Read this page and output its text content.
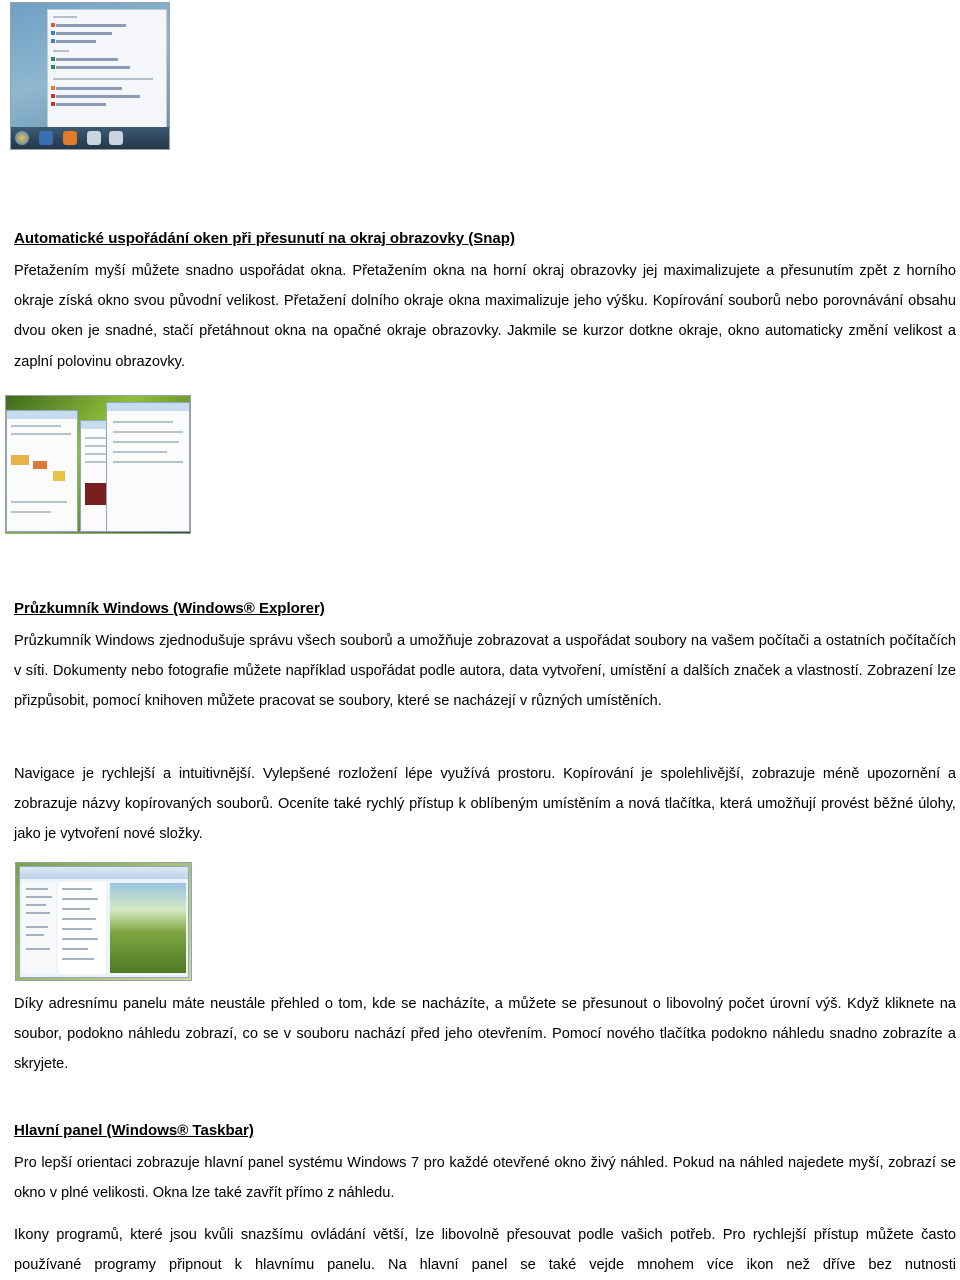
Automatické uspořádání oken při přesunutí na okraj obrazovky (Snap)

Přetažením myší můžete snadno uspořádat okna. Přetažením okna na horní okraj obrazovky jej maximalizujete a přesunutím zpět z horního okraje získá okno svou původní velikost. Přetažení dolního okraje okna maximalizuje jeho výšku. Kopírování souborů nebo porovnávání obsahu dvou oken je snadné, stačí přetáhnout okna na opačné okraje obrazovky. Jakmile se kurzor dotkne okraje, okno automaticky změní velikost a zaplní polovinu obrazovky.

Průzkumník Windows (Windows® Explorer)

Průzkumník Windows zjednodušuje správu všech souborů a umožňuje zobrazovat a uspořádat soubory na vašem počítači a ostatních počítačích v síti. Dokumenty nebo fotografie můžete například uspořádat podle autora, data vytvoření, umístění a dalších značek a vlastností. Zobrazení lze přizpůsobit, pomocí knihoven můžete pracovat se soubory, které se nacházejí v různých umístěních.

Navigace je rychlejší a intuitivnější. Vylepšené rozložení lépe využívá prostoru. Kopírování je spolehlivější, zobrazuje méně upozornění a zobrazuje názvy kopírovaných souborů. Oceníte také rychlý přístup k oblíbeným umístěním a nová tlačítka, která umožňují provést běžné úlohy, jako je vytvoření nové složky.

Díky adresnímu panelu máte neustále přehled o tom, kde se nacházíte, a můžete se přesunout o libovolný počet úrovní výš. Když kliknete na soubor, podokno náhledu zobrazí, co se v souboru nachází před jeho otevřením. Pomocí nového tlačítka podokno náhledu snadno zobrazíte a skryjete.

Hlavní panel (Windows® Taskbar)

Pro lepší orientaci zobrazuje hlavní panel systému Windows 7 pro každé otevřené okno živý náhled. Pokud na náhled najedete myší, zobrazí se okno v plné velikosti. Okna lze také zavřít přímo z náhledu.

Ikony programů, které jsou kvůli snazšímu ovládání větší, lze libovolně přesouvat podle vašich potřeb. Pro rychlejší přístup můžete často používané programy připnout k hlavnímu panelu. Na hlavní panel se také vejde mnohem více ikon než dříve bez nutnosti
